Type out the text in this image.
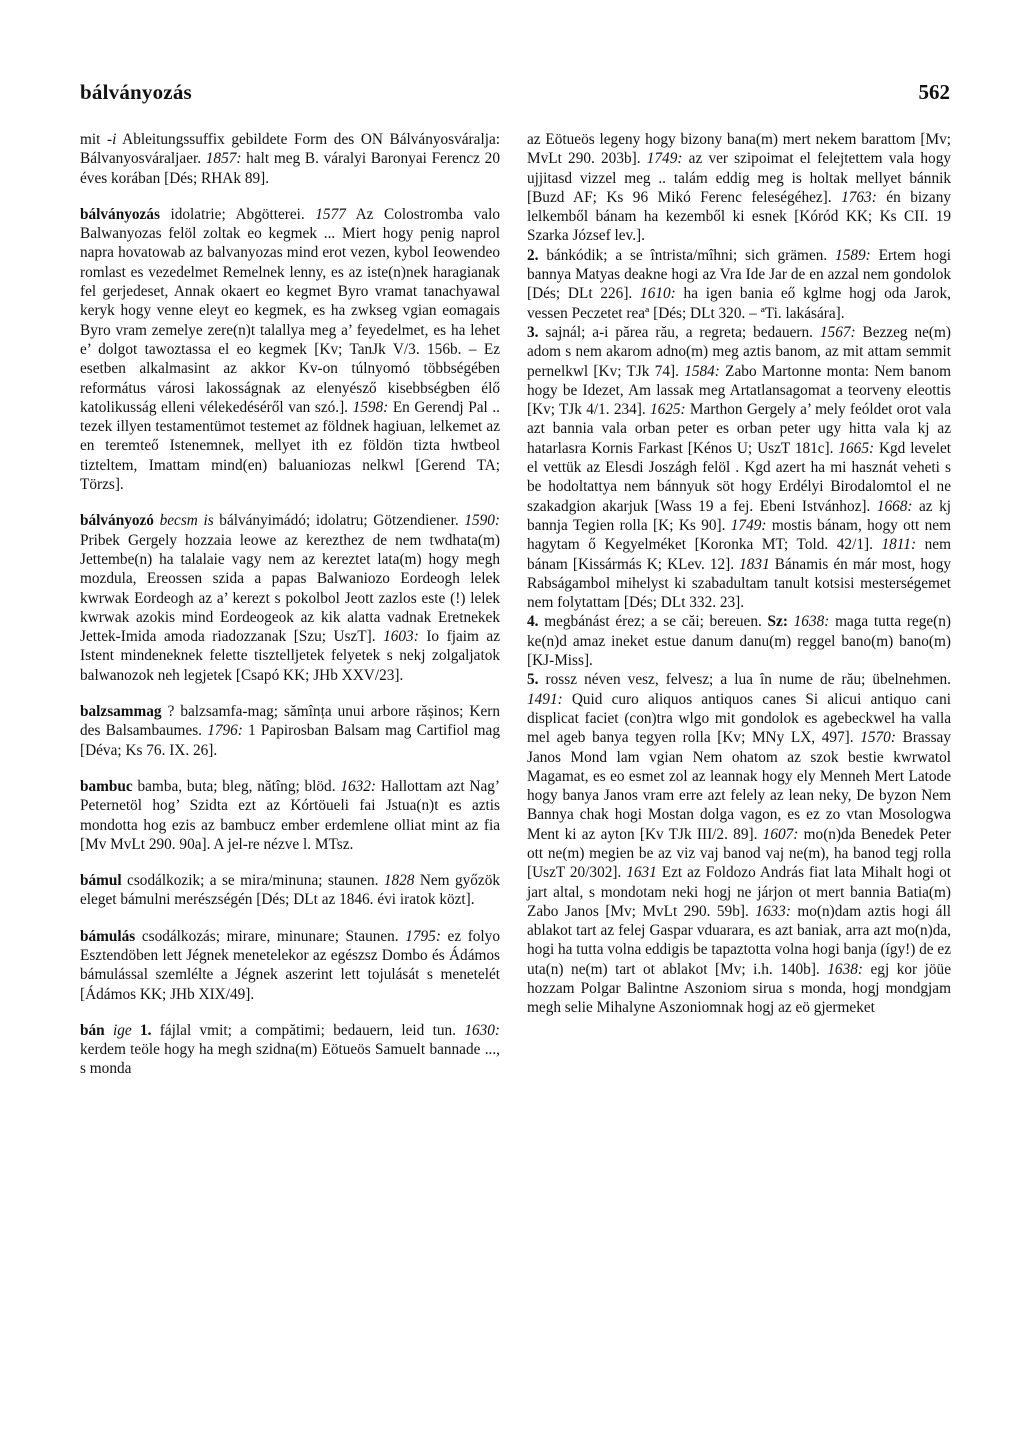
bálványozás	562

mit -i Ableitungssuffix gebildete Form des ON Bálványosváralja: Bálvanyosváraljaer. 1857: halt meg B. váralyi Baronyai Ferencz 20 éves korában [Dés; RHAk 89].

bálványozás idolatrie; Abgötterei. 1577 Az Colostromba valo Balwanyozas felöl zoltak eo kegmek ... Miert hogy penig naprol napra hovatowab az balvanyozas mind erot vezen, kybol Ieowendeo romlast es vezedelmet Remelnek lenny, es az iste(n)nek haragianak fel gerjedeset, Annak okaert eo kegmet Byro vramat tanachyawal keryk hogy venne eleyt eo kegmek, es ha zwkseg vgian eomagais Byro vram zemelye zere(n)t talallya meg a’ feyedelmet, es ha lehet e’ dolgot tawoztassa el eo kegmek [Kv; TanJk V/3. 156b. – Ez esetben alkalmasint az akkor Kv-on túlnyomó többségében református városi lakosságnak az elenyésző kisebbségben élő katolikusság elleni vélekedéséről van szó.]. 1598: En Gerendj Pal .. tezek illyen testamentümot testemet az földnek hagiuan, lelkemet az en teremteő Istenemnek, mellyet ith ez földön tizta hwtbeol tizteltem, Imattam mind(en) baluaniozas nelkwl [Gerend TA; Törzs].

bálványozó becsm is bálványimádó; idolatru; Götzendiener. 1590: Pribek Gergely hozzaia leowe az kerezthez de nem twdhata(m) Jettembe(n) ha talalaie vagy nem az kereztet lata(m) hogy megh mozdula, Ereossen szida a papas Balwaniozo Eordeogh lelek kwrwak Eordeogh az a’ kerezt s pokolbol Jeott zazlos este (!) lelek kwrwak azokis mind Eordeogeok az kik alatta vadnak Eretnekek Jettek-Imida amoda riadozzanak [Szu; UszT]. 1603: Io fjaim az Istent mindeneknek felette tisztelljetek felyetek s nekj zolgaljatok balwanozok neh legjetek [Csapó KK; JHb XXV/23].

balzsammag ? balzsamfa-mag; sămînța unui arbore rășinos; Kern des Balsambaumes. 1796: 1 Papirosban Balsam mag Cartifiol mag [Déva; Ks 76. IX. 26].

bambuc bamba, buta; bleg, nătîng; blöd. 1632: Hallottam azt Nag’ Peternetöl hog’ Szidta ezt az Kórtöueli fai Jstua(n)t es aztis mondotta hog ezis az bambucz ember erdemlene olliat mint az fia [Mv MvLt 290. 90a]. A jel-re nézve l. MTsz.

bámul csodálkozik; a se mira/minuna; staunen. 1828 Nem győzök eleget bámulni merészségén [Dés; DLt az 1846. évi iratok közt].

bámulás csodálkozás; mirare, minunare; Staunen. 1795: ez folyo Esztendöben lett Jégnek menetelekor az egészsz Dombo és Ádámos bámulással szemlélte a Jégnek aszerint lett tojulását s menetelét [Ádámos KK; JHb XIX/49].

bán ige 1. fájlal vmit; a compătimi; bedauern, leid tun. 1630: kerdem teöle hogy ha megh szidna(m) Eötueös Samuelt bannade ..., s monda

az Eötueös legeny hogy bizony bana(m) mert nekem barattom [Mv; MvLt 290. 203b]. 1749: az ver szipoimat el felejtettem vala hogy ujjitasd vizzel meg .. talám eddig meg is holtak mellyet bánnik [Buzd AF; Ks 96 Mikó Ferenc feleségéhez]. 1763: én bizany lelkemből bánam ha kezemből ki esnek [Kóród KK; Ks CII. 19 Szarka József lev.].

2. bánkódik; a se întrista/mîhni; sich grämen. 1589: Ertem hogi bannya Matyas deakne hogi az Vra Ide Jar de en azzal nem gondolok [Dés; DLt 226]. 1610: ha igen bania eő kglme hogj oda Jarok, vessen Peczetet reaª [Dés; DLt 320. – ªTi. lakására].

3. sajnál; a-i părea rău, a regreta; bedauern. 1567: Bezzeg ne(m) adom s nem akarom adno(m) meg aztis banom, az mit attam semmit pernelkwl [Kv; TJk 74]. 1584: Zabo Martonne monta: Nem banom hogy be Idezet, Am lassak meg Artatlansagomat a teorveny eleottis [Kv; TJk 4/1. 234]. 1625: Marthon Gergely a’ mely feóldet orot vala azt bannia vala orban peter es orban peter ugy hitta vala kj az hatarlasra Kornis Farkast [Kénos U; UszT 181c]. 1665: Kgd levelet el vettük az Elesdi Joszágh felöl . Kgd azert ha mi hasznát veheti s be hodoltattya nem bánnyuk söt hogy Erdélyi Birodalomtol el ne szakadgion akarjuk [Wass 19 a fej. Ebeni Istvánhoz]. 1668: az kj bannja Tegien rolla [K; Ks 90]. 1749: mostis bánam, hogy ott nem hagytam ő Kegyelméket [Koronka MT; Told. 42/1]. 1811: nem bánam [Kissármás K; KLev. 12]. 1831 Bánamis én már most, hogy Rabságambol mihelyst ki szabadultam tanult kotsisi mesterségemet nem folytattam [Dés; DLt 332. 23].

4. megbánást érez; a se căi; bereuen. Sz: 1638: maga tutta rege(n) ke(n)d amaz ineket estue danum danu(m) reggel bano(m) bano(m) [KJ-Miss].

5. rossz néven vesz, felvesz; a lua în nume de rău; übelnehmen. 1491: Quid curo aliquos antiquos canes Si alicui antiquo cani displicat faciet (con)tra wlgo mit gondolok es agebeckwel ha valla mel ageb banya tegyen rolla [Kv; MNy LX, 497]. 1570: Brassay Janos Mond lam vgian Nem ohatom az szok bestie kwrwatol Magamat, es eo esmet zol az leannak hogy ely Menneh Mert Latode hogy banya Janos vram erre azt felely az lean neky, De byzon Nem Bannya chak hogi Mostan dolga vagon, es ez zo vtan Mosologwa Ment ki az ayton [Kv TJk III/2. 89]. 1607: mo(n)da Benedek Peter ott ne(m) megien be az viz vaj banod vaj ne(m), ha banod tegj rolla [UszT 20/302]. 1631 Ezt az Foldozo András fiat lata Mihalt hogi ot jart altal, s mondotam neki hogj ne járjon ot mert bannia Batia(m) Zabo Janos [Mv; MvLt 290. 59b]. 1633: mo(n)dam aztis hogi áll ablakot tart az felej Gaspar vduarara, es azt baniak, arra azt mo(n)da, hogi ha tutta volna eddigis be tapaztotta volna hogi banja (így!) de ez uta(n) ne(m) tart ot ablakot [Mv; i.h. 140b]. 1638: egj kor jöüe hozzam Polgar Balintne Aszoniom sirua s monda, hogj mondgjam megh selie Mihalyne Aszoniomnak hogj az eö gjermeket
